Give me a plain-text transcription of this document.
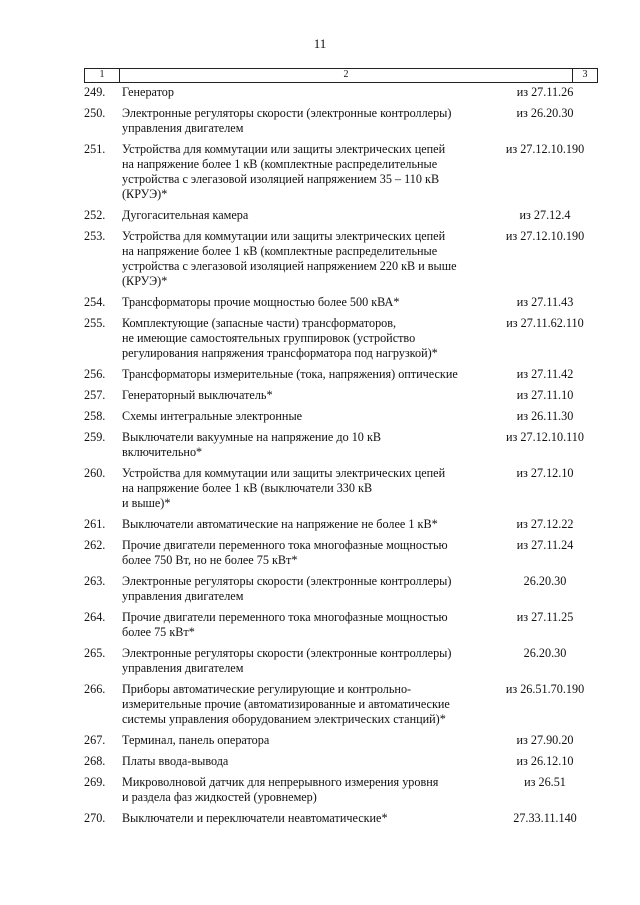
11
1	2	3
249.	Генератор	из 27.11.26
250.	Электронные регуляторы скорости (электронные контроллеры)
управления двигателем
из 26.20.30
251.	Устройства для коммутации или защиты электрических цепей
на напряжение более 1 кВ (комплектные распределительные
устройства с элегазовой изоляцией напряжением 35 – 110 кВ
(КРУЭ)*
из 27.12.10.190
252.	Дугогасительная камера	из 27.12.4
253.	Устройства для коммутации или защиты электрических цепей
на напряжение более 1 кВ (комплектные распределительные
устройства с элегазовой изоляцией напряжением 220 кВ и выше
(КРУЭ)*
из 27.12.10.190
254.	Трансформаторы прочие мощностью более 500 кВА*	из 27.11.43
255.	Комплектующие (запасные части) трансформаторов,
не имеющие самостоятельных группировок (устройство
регулирования напряжения трансформатора под нагрузкой)*
из 27.11.62.110
256.	Трансформаторы измерительные (тока, напряжения) оптические	из 27.11.42
257.	Генераторный выключатель*	из 27.11.10
258.	Схемы интегральные электронные	из 26.11.30
259.	Выключатели вакуумные на напряжение до 10 кВ
включительно*
из 27.12.10.110
260.	Устройства для коммутации или защиты электрических цепей
на напряжение более 1 кВ (выключатели 330 кВ
и выше)*
из 27.12.10
261.	Выключатели автоматические на напряжение не более 1 кВ*	из 27.12.22
262.	Прочие двигатели переменного тока многофазные мощностью
более 750 Вт, но не более 75 кВт*
из 27.11.24
263.	Электронные регуляторы скорости (электронные контроллеры)
управления двигателем
26.20.30
264.	Прочие двигатели переменного тока многофазные мощностью
более 75 кВт*
из 27.11.25
265.	Электронные регуляторы скорости (электронные контроллеры)
управления двигателем
26.20.30
266.	Приборы автоматические регулирующие и контрольно-
измерительные прочие (автоматизированные и автоматические
системы управления оборудованием электрических станций)*
из 26.51.70.190
267.	Терминал, панель оператора	из 27.90.20
268.	Платы ввода-вывода	из 26.12.10
269.	Микроволновой датчик для непрерывного измерения уровня
и раздела фаз жидкостей (уровнемер)
из 26.51
270.	Выключатели и переключатели неавтоматические*	27.33.11.140
